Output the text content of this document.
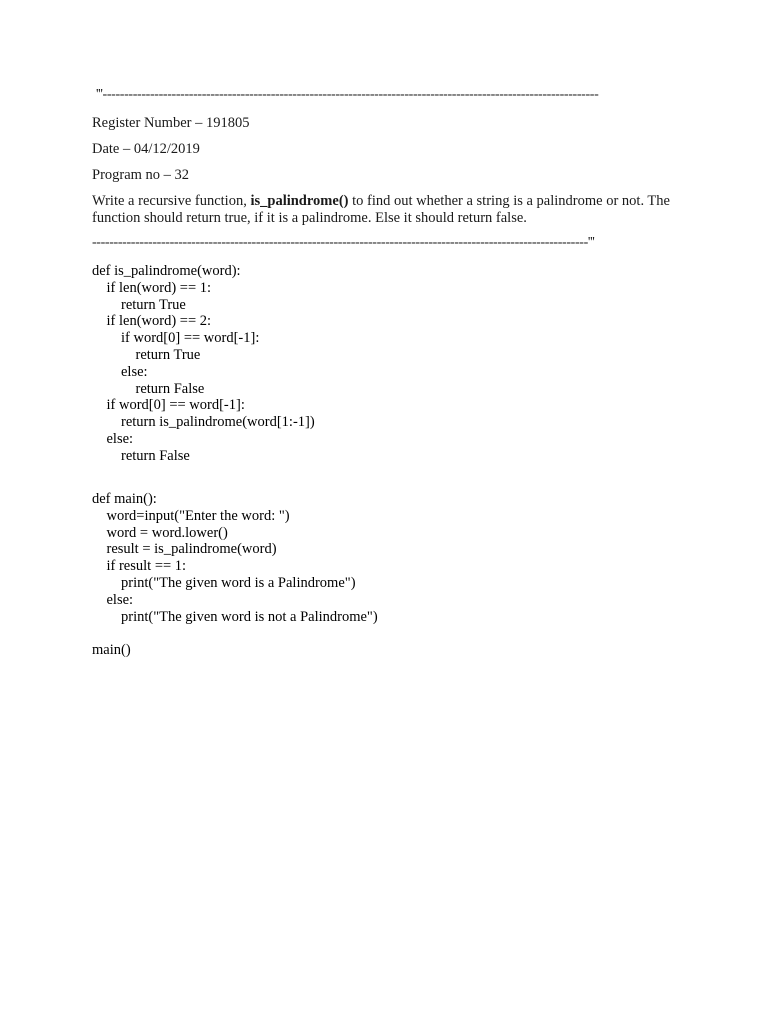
'''-------------------------------------------------------------------------------------------------------------------
Register Number – 191805
Date – 04/12/2019
Program no – 32
Write a recursive function, is_palindrome() to find out whether a string is a palindrome or not. The function should return true, if it is a palindrome. Else it should return false.
-------------------------------------------------------------------------------------------------------------------'''
def is_palindrome(word):
if len(word) == 1:
return True
if len(word) == 2:
if word[0] == word[-1]:
return True
else:
return False
if word[0] == word[-1]:
return is_palindrome(word[1:-1])
else:
return False
def main():
word=input("Enter the word: ")
word = word.lower()
result = is_palindrome(word)
if result == 1:
print("The given word is a Palindrome")
else:
print("The given word is not a Palindrome")
main()
